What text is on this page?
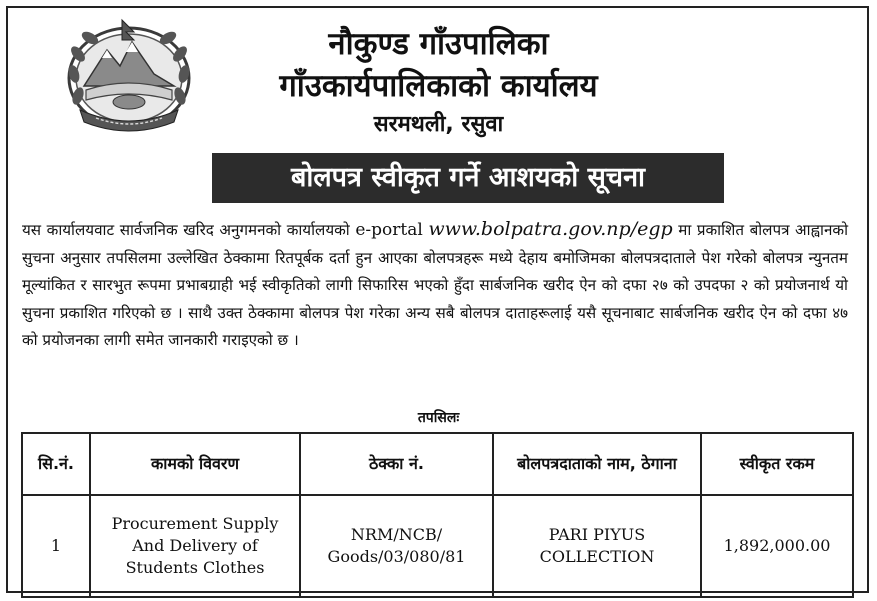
नौकुण्ड गाँउपालिका
गाँउकार्यपालिकाको कार्यालय
सरमथली, रसुवा
बोलपत्र स्वीकृत गर्ने आशयको सूचना
यस कार्यालयवाट सार्वजनिक खरिद अनुगमनको कार्यालयको e-portal www.bolpatra.gov.np/egp मा प्रकाशित बोलपत्र आह्वानको सुचना अनुसार तपसिलमा उल्लेखित ठेक्कामा रितपूर्बक दर्ता हुन आएका बोलपत्रहरू मध्ये देहाय बमोजिमका बोलपत्रदाताले पेश गरेको बोलपत्र न्युनतम मूल्यांकित र सारभुत रूपमा प्रभाबग्राही भई स्वीकृतिको लागी सिफारिस भएको हुँदा सार्बजनिक खरीद ऐन को दफा २७ को उपदफा २ को प्रयोजनार्थ यो सुचना प्रकाशित गरिएको छ । साथै उक्त ठेक्कामा बोलपत्र पेश गरेका अन्य सबै बोलपत्र दाताहरूलाई यसै सूचनाबाट सार्बजनिक खरीद ऐन को दफा ४७ को प्रयोजनका लागी समेत जानकारी गराइएको छ ।
तपसिलः
सि.नं.	कामको विवरण	ठेक्का नं.	बोलपत्रदाताको नाम, ठेगाना	स्वीकृत रकम
1	Procurement Supply And Delivery of Students Clothes	NRM/NCB/ Goods/03/080/81	PARI PIYUS COLLECTION	1,892,000.00
